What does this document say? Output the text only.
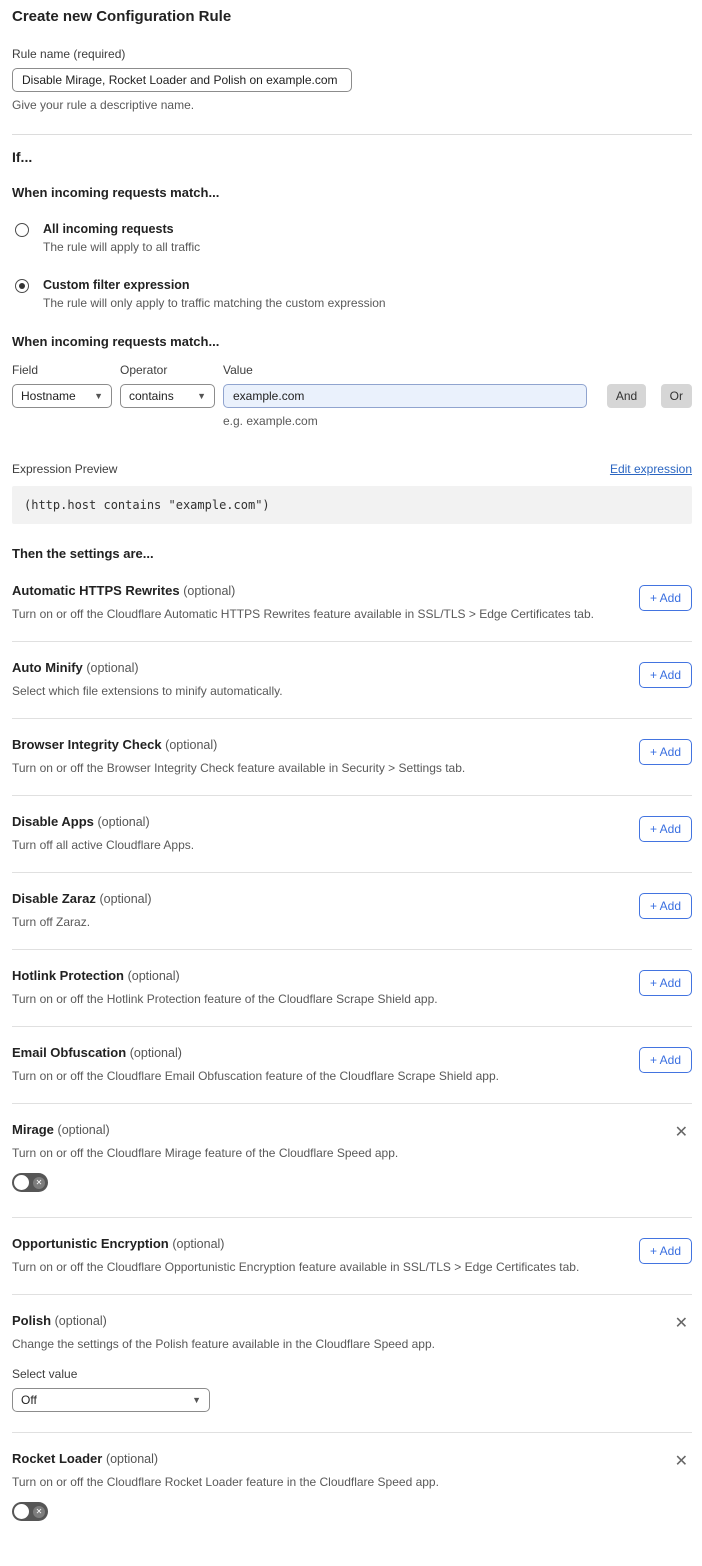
Create new Configuration Rule
Rule name (required)
Disable Mirage, Rocket Loader and Polish on example.com
Give your rule a descriptive name.
If...
When incoming requests match...
All incoming requests
The rule will apply to all traffic
Custom filter expression
The rule will only apply to traffic matching the custom expression
When incoming requests match...
Field
Hostname ▼
Operator
contains	▼
Value
example.com
e.g. example.com
And	Or
Expression Preview	Edit expression
(http.host contains "example.com")
Then the settings are...
Automatic HTTPS Rewrites (optional)

Turn on or off the Cloudflare Automatic HTTPS Rewrites feature available in SSL/TLS > Edge Certificates tab.

+ Add
Auto Minify (optional)

Select which file extensions to minify automatically.

+ Add
Browser Integrity Check (optional)

Turn on or off the Browser Integrity Check feature available in Security > Settings tab.

+ Add
Disable Apps (optional)

Turn off all active Cloudflare Apps.

+ Add
Disable Zaraz (optional)

Turn off Zaraz.

+ Add
Hotlink Protection (optional)

Turn on or off the Hotlink Protection feature of the Cloudflare Scrape Shield app.

+ Add
Email Obfuscation (optional)

Turn on or off the Cloudflare Email Obfuscation feature of the Cloudflare Scrape Shield app.

+ Add
Mirage (optional)

Turn on or off the Cloudflare Mirage feature of the Cloudflare Speed app.

✕
✕
Opportunistic Encryption (optional)

Turn on or off the Cloudflare Opportunistic Encryption feature available in SSL/TLS > Edge Certificates tab.

+ Add
Polish (optional)

Change the settings of the Polish feature available in the Cloudflare Speed app.

Select value
Off	▼
✕
Rocket Loader (optional)

Turn on or off the Cloudflare Rocket Loader feature in the Cloudflare Speed app.

✕
✕
